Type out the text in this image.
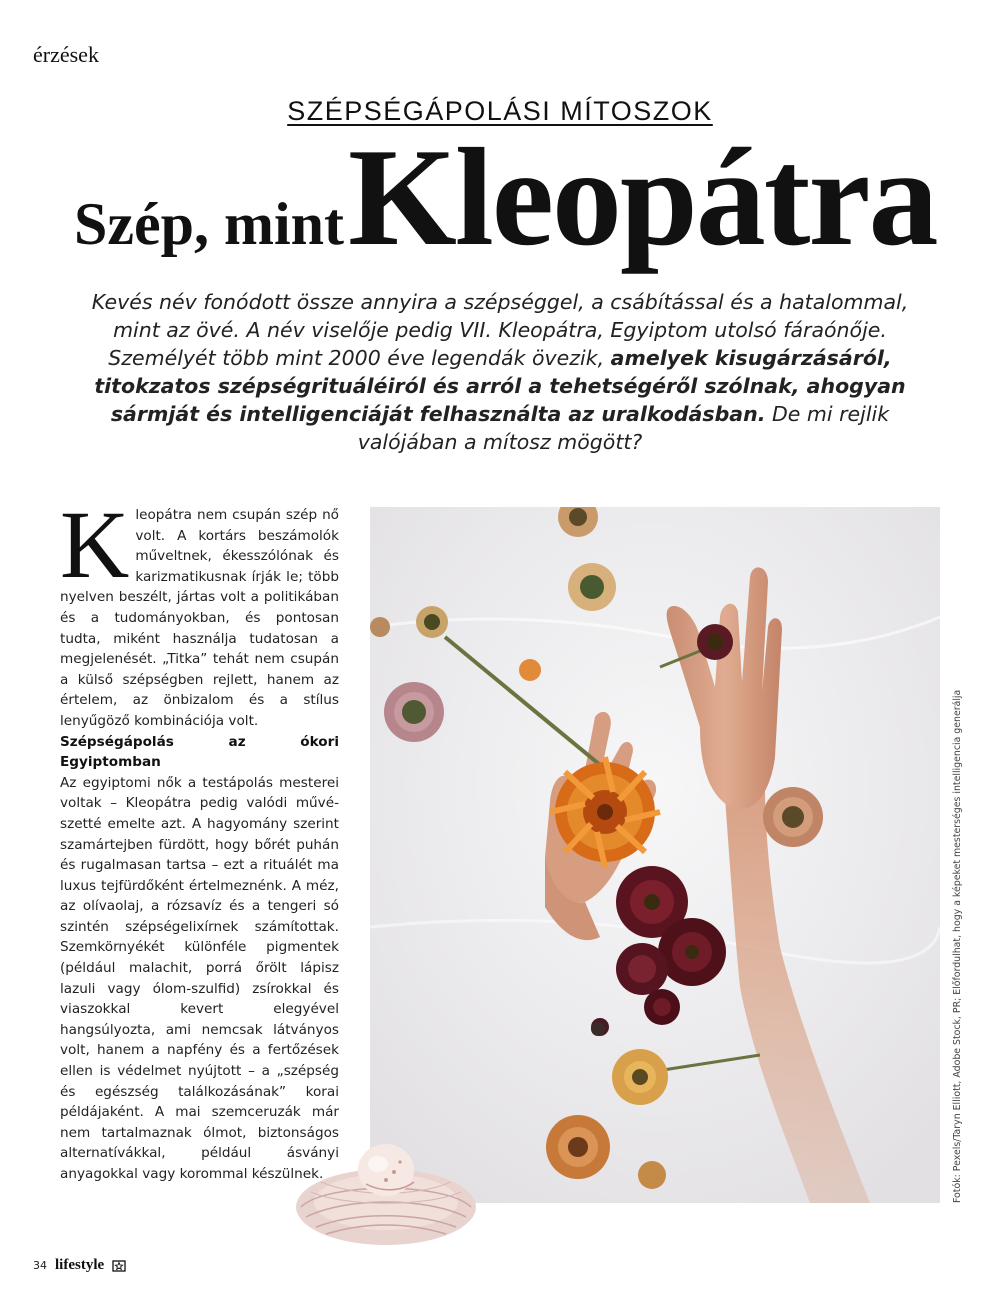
érzések
SZÉPSÉGÁPOLÁSI MÍTOSZOK
Szép, mint Kleopátra
Kevés név fonódott össze annyira a szépséggel, a csábítással és a hatalommal, mint az övé. A név viselője pedig VII. Kleopátra, Egyiptom utolsó fáraónője. Személyét több mint 2000 éve legendák övezik, amelyek kisugárzásáról, titokzatos szépségrituáléiról és arról a tehetségéről szólnak, ahogyan sármját és intelligenciáját felhasználta az uralkodásban. De mi rejlik valójában a mítosz mögött?

Kleopátra nem csupán szép nő volt. A kortárs beszámolók műveltnek, ékesszólónak és karizmatikusnak írják le; több nyelven beszélt, jártas volt a politikában és a tudományokban, és pontosan tudta, miként használja tudatosan a megjelenését. „Titka” tehát nem csupán a külső szépségben rejlett, hanem az értelem, az önbizalom és a stílus lenyűgöző kombinációja volt.

Szépségápolás az ókori Egyiptomban

Az egyiptomi nők a testápolás mesterei voltak – Kleopátra pedig valódi művészetté emelte azt. A hagyomány szerint szamártejben fürdött, hogy bőrét puhán és rugalmasan tartsa – ezt a rituálét ma luxus tejfürdőként értelmeznénk. A méz, az olívaolaj, a rózsavíz és a tengeri só szintén szépségelixírnek számítottak. Szemkörnyékét különféle pigmentek (például malachit, porrá őrölt lápisz lazuli vagy ólom-szulfid) zsírokkal és viaszokkal kevert elegyével hangsúlyozta, ami nemcsak látványos volt, hanem a napfény és a fertőzések ellen is védelmet nyújtott – a „szépség és egészség találkozásának” korai példájaként. A mai szemceruzák már nem tartalmaznak ólmot, biztonságos alternatívákkal, például ásványi anyagokkal vagy korommal készülnek.	Fotók: Pexels/Taryn Elliott, Adobe Stock, PR; Előfordulhat, hogy a képeket mesterséges intelligencia generálja
34 lifestyle
